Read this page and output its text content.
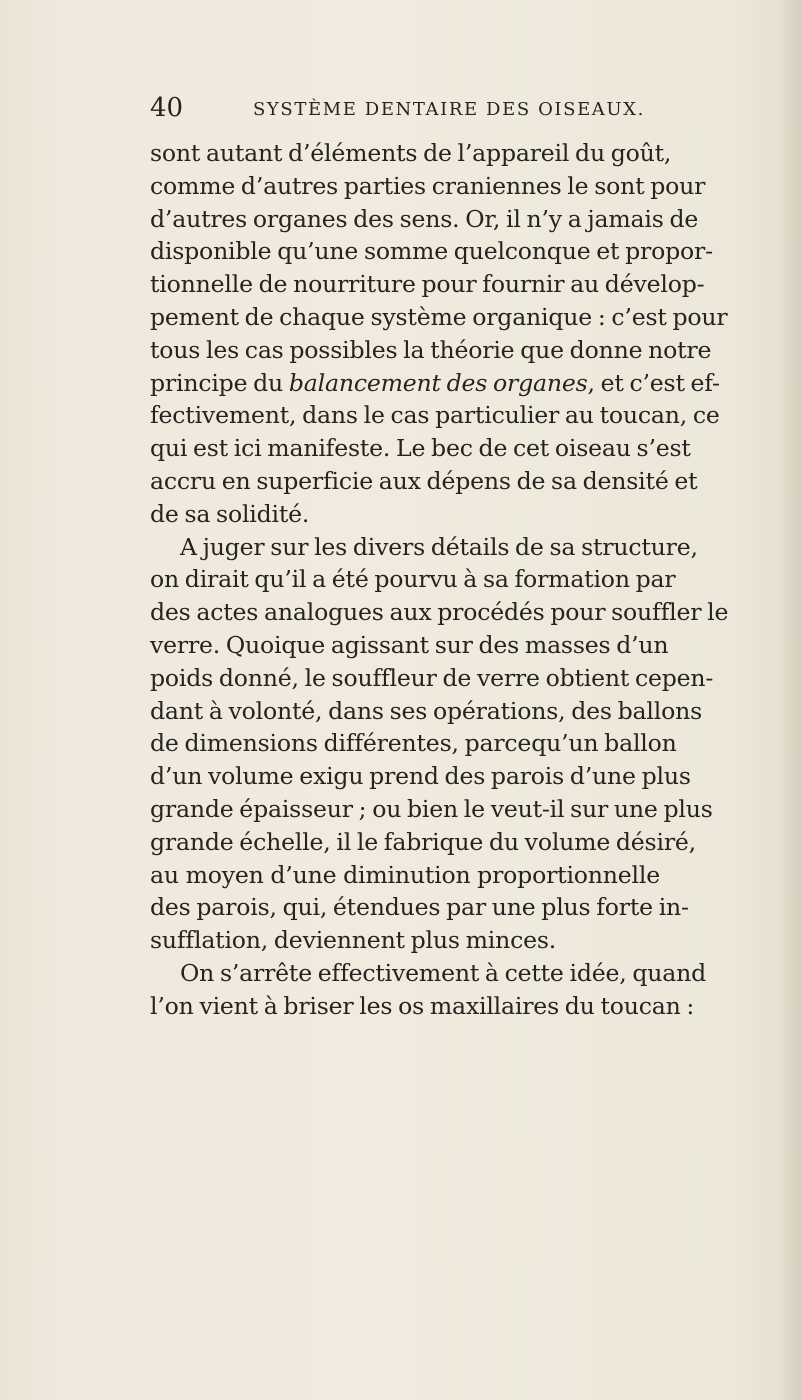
40	SYSTÈME DENTAIRE DES OISEAUX.
sont autant d’éléments de l’appareil du goût,
comme d’autres parties craniennes le sont pour
d’autres organes des sens. Or, il n’y a jamais de
disponible qu’une somme quelconque et propor-
tionnelle de nourriture pour fournir au dévelop-
pement de chaque système organique : c’est pour
tous les cas possibles la théorie que donne notre
principe du balancement des organes, et c’est ef-
fectivement, dans le cas particulier au toucan, ce
qui est ici manifeste. Le bec de cet oiseau s’est
accru en superficie aux dépens de sa densité et
de sa solidité.
A juger sur les divers détails de sa structure,
on dirait qu’il a été pourvu à sa formation par
des actes analogues aux procédés pour souffler le
verre. Quoique agissant sur des masses d’un
poids donné, le souffleur de verre obtient cepen-
dant à volonté, dans ses opérations, des ballons
de dimensions différentes, parcequ’un ballon
d’un volume exigu prend des parois d’une plus
grande épaisseur ; ou bien le veut-il sur une plus
grande échelle, il le fabrique du volume désiré,
au moyen d’une diminution proportionnelle
des parois, qui, étendues par une plus forte in-
sufflation, deviennent plus minces.
On s’arrête effectivement à cette idée, quand
l’on vient à briser les os maxillaires du toucan :
